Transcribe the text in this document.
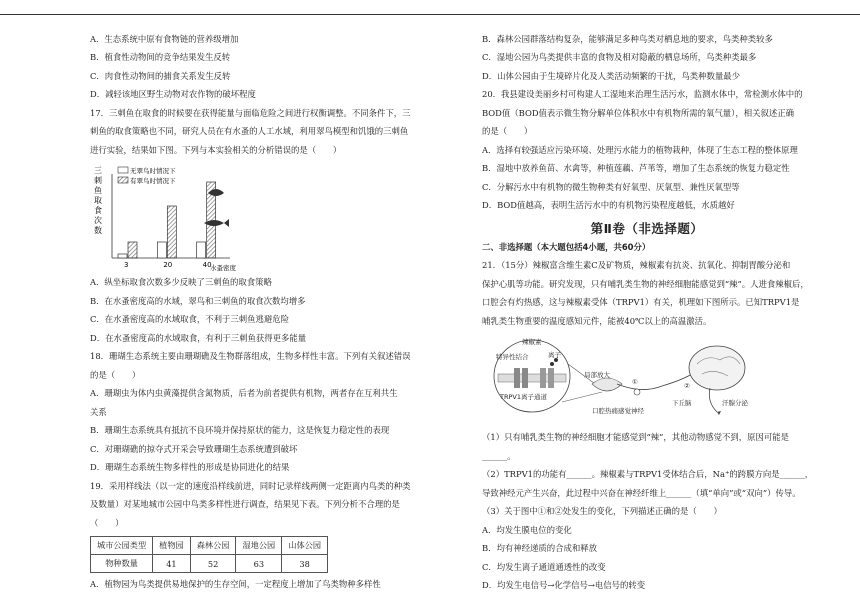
A．生态系统中原有食物链的营养级增加
B．植食性动物间的竞争结果发生反转
C．肉食性动物间的捕食关系发生反转
D．减轻该地区野生动物对农作物的破坏程度
17．三刺鱼在取食的时候要在获得能量与面临危险之间进行权衡调整。不同条件下，三
刺鱼的取食策略也不同，研究人员在有水蚤的人工水域，利用翠鸟模型和饥饿的三刺鱼
进行实验，结果如下图。下列与本实验相关的分析错误的是（　　）
三
刺
鱼
取
食
次
数
水蚤密度
3	20	40
无翠鸟时情况下
有翠鸟时情况下
A．纵坐标取食次数多少反映了三刺鱼的取食策略
B．在水蚤密度高的水域，翠鸟和三刺鱼的取食次数均增多
C．在水蚤密度高的水域取食，不利于三刺鱼逃避危险
D．在水蚤密度高的水域取食，有利于三刺鱼获得更多能量
18．珊瑚生态系统主要由珊瑚礁及生物群落组成，生物多样性丰富。下列有关叙述错误
的是（　　）
A．珊瑚虫为体内虫黄藻提供含氮物质，后者为前者提供有机物，两者存在互利共生
关系
B．珊瑚生态系统具有抵抗不良环境并保持原状的能力，这是恢复力稳定性的表现
C．对珊瑚礁的掠夺式开采会导致珊瑚生态系统遭到破坏
D．珊瑚生态系统生物多样性的形成是协同进化的结果
19．采用样线法（以一定的速度沿样线前进，同时记录样线两侧一定距离内鸟类的种类
及数量）对某地城市公园中鸟类多样性进行调查，结果见下表。下列分析不合理的是
（　　）
城市公园类型	植物园	森林公园	湿地公园	山体公园
物种数量	41	52	63	38
A．植物园为鸟类提供易地保护的生存空间，一定程度上增加了鸟类物种多样性
B．森林公园群落结构复杂，能够满足多种鸟类对栖息地的要求，鸟类种类较多
C．湿地公园为鸟类提供丰富的食物及相对隐蔽的栖息场所，鸟类种类最多
D．山体公园由于生境碎片化及人类活动频繁的干扰，鸟类种数量最少
20．我县建设美丽乡村可构建人工湿地来治理生活污水，监测水体中，常检测水体中的
BOD值（BOD值表示微生物分解单位体积水中有机物所需的氧气量），相关叙述正确
的是（　　）
A．选择有较强适应污染环境、处理污水能力的植物栽种，体现了生态工程的整体原理
B．湿地中放养鱼苗、水禽等，种植莲藕、芦苇等，增加了生态系统的恢复力稳定性
C．分解污水中有机物的微生物种类有好氧型、厌氧型、兼性厌氧型等
D．BOD值越高，表明生活污水中的有机物污染程度越低，水质越好
第Ⅱ卷（非选择题）
二、非选择题（本大题包括4小题，共60分）
21．（15分）辣椒富含维生素C及矿物质，辣椒素有抗炎、抗氧化、抑制胃酸分泌和
保护心肌等功能。研究发现，只有哺乳类生物的神经细胞能感觉到“辣”。人进食辣椒后，
口腔会有灼热感，这与辣椒素受体（TRPV1）有关，机理如下图所示。已知TRPV1是
哺乳类生物重要的温度感知元件，能被40℃以上的高温激活。
辣椒素
特异性结合	离子
TRPV1离子通道
局部放大
口腔热痛感觉神经
下丘脑	汗腺分泌
①	②
（1）只有哺乳类生物的神经细胞才能感觉到“辣”，其他动物感觉不到，原因可能是
______。
（2）TRPV1的功能有______。辣椒素与TRPV1受体结合后，Na⁺的跨膜方向是______，
导致神经元产生兴奋，此过程中兴奋在神经纤维上______（填“单向”或“双向”）传导。
（3）关于图中①和②处发生的变化，下列描述正确的是（　　）
A．均发生膜电位的变化
B．均有神经递质的合成和释放
C．均发生离子通道通透性的改变
D．均发生电信号→化学信号→电信号的转变
